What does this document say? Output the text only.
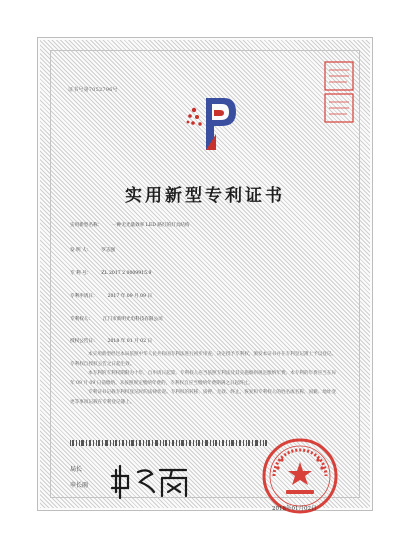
证书号第7052796号
实用新型专利证书
实用新型名称： 一种无光量效率 LED 路灯的灯具结构
发 明 人： 罗志强
专 利 号： ZL 2017 2 0009915.9
专利申请日： 2017 年 09 月 09 日
专利权人： 江门市新明光电科技有限公司
授权公告日： 2018 年 01 月 02 日
本实用新型经过本局依照中华人民共和国专利法进行初步审查，决定授予专利权，颁发本证书并在专利登记簿上予以登记。专利权自授权公告之日起生效。
本专利的专利权期限为十年，自申请日起算。专利权人应当依照专利法及其实施细则规定缴纳年费。本专利的年费应当在每年 09 月 09 日前缴纳。未按照规定缴纳年费的，专利权自应当缴纳年费期满之日起终止。
专利证书记载专利权登记时的法律状况。专利权的转移、质押、无效、终止、恢复和专利权人的姓名或名称、国籍、地址变更等事项记载在专利登记簿上。
局长
申长雨
2018年01月02日
